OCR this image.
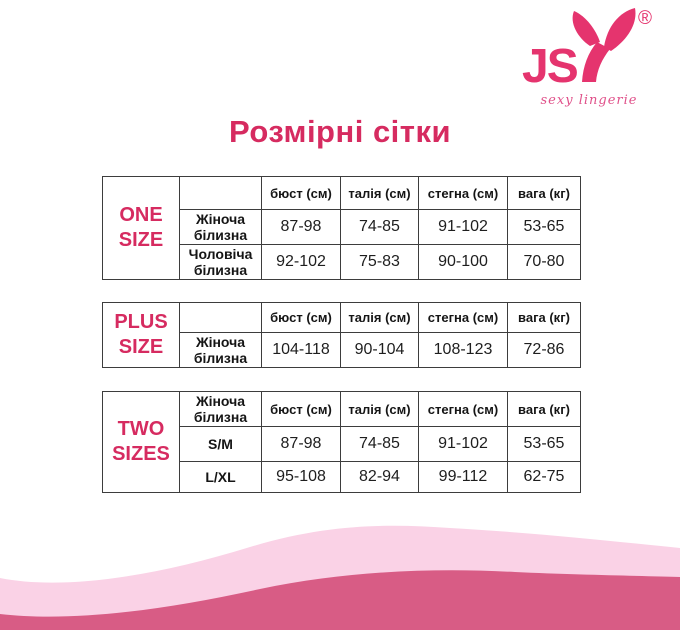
JS
®
sexy lingerie
Розмірні сітки
ONE SIZE		бюст (см)	талія (см)	стегна (см)	вага (кг)
	Жіноча білизна	87-98	74-85	91-102	53-65
	Чоловіча білизна	92-102	75-83	90-100	70-80
PLUS SIZE		бюст (см)	талія (см)	стегна (см)	вага (кг)
	Жіноча білизна	104-118	90-104	108-123	72-86
TWO SIZES	Жіноча білизна	бюст (см)	талія (см)	стегна (см)	вага (кг)
	S/M	87-98	74-85	91-102	53-65
	L/XL	95-108	82-94	99-112	62-75
